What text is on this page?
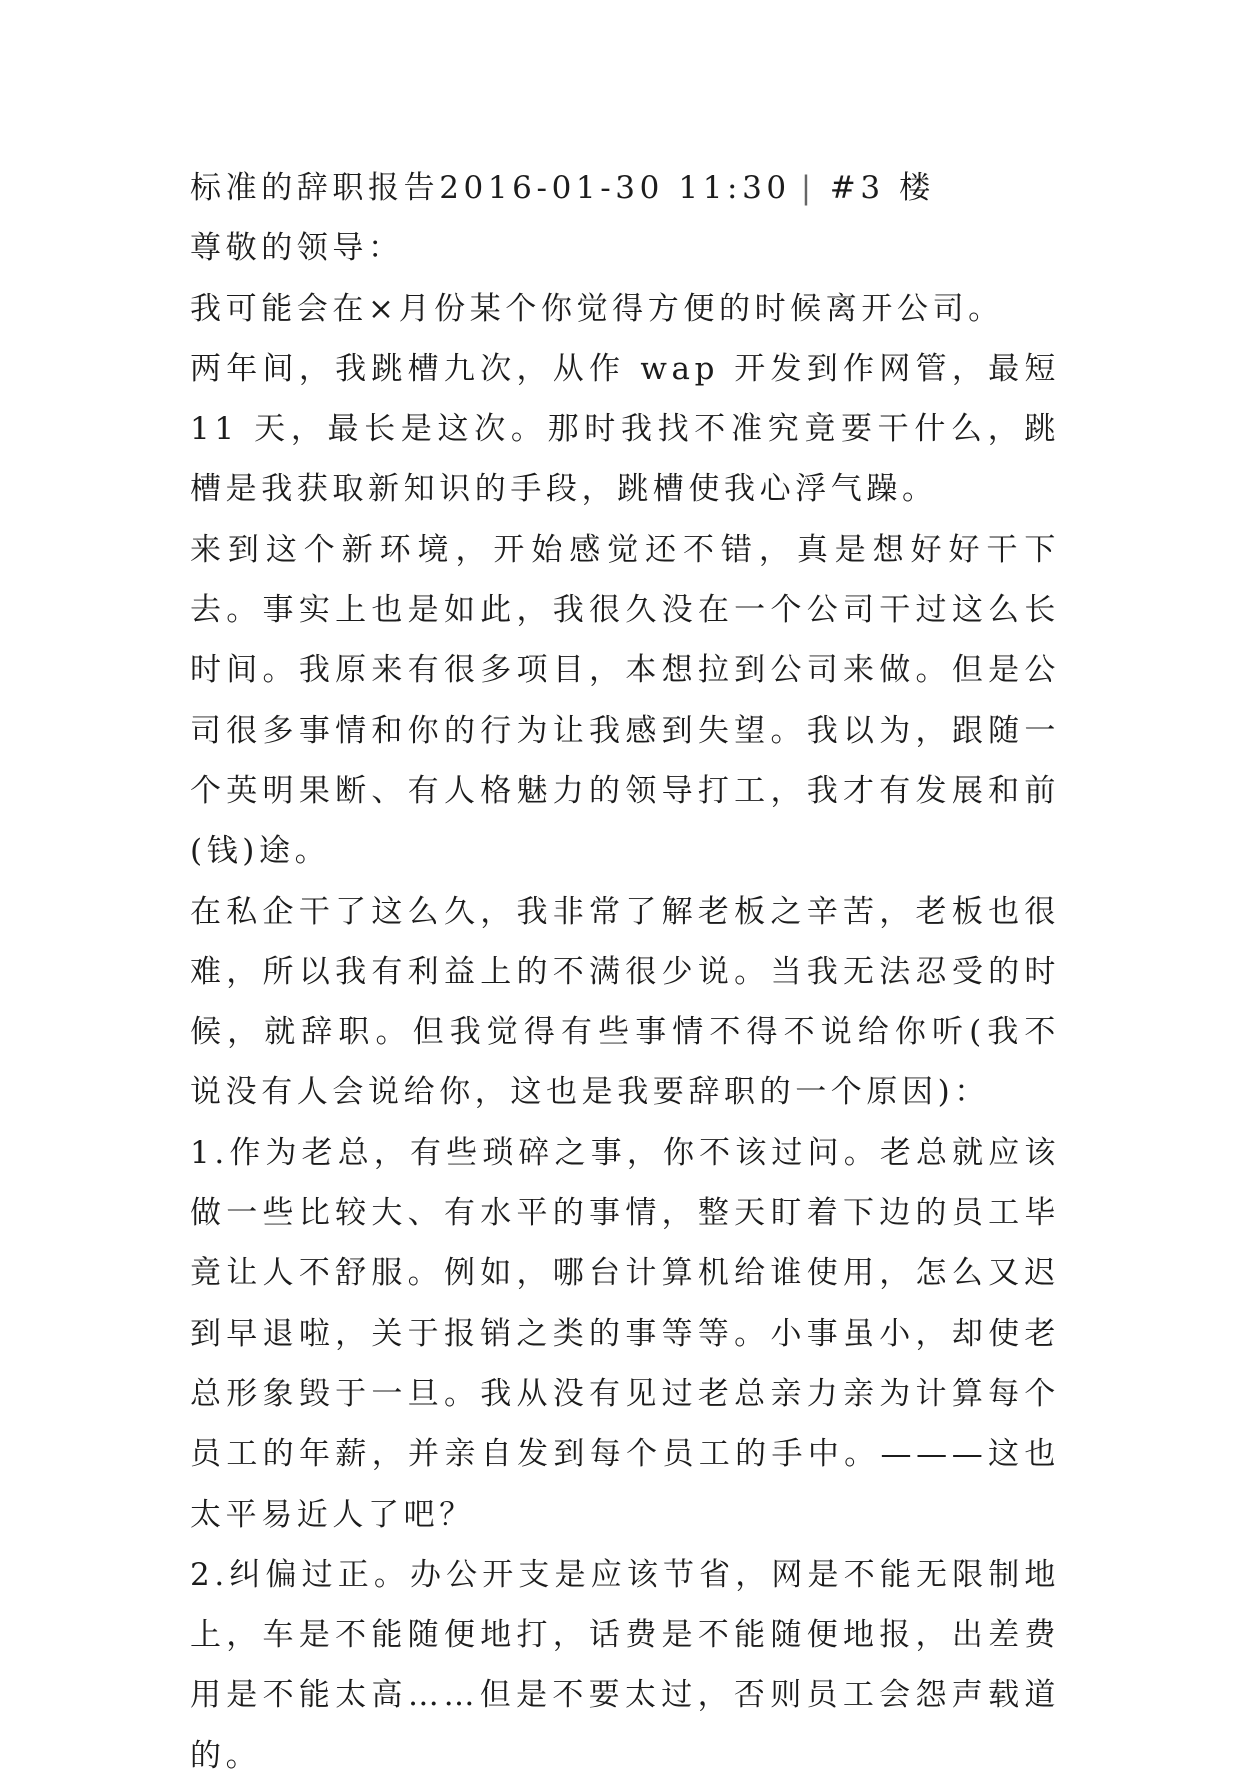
标准的辞职报告2016-01-30 11:30 | #3 楼

尊敬的领导：

我可能会在×月份某个你觉得方便的时候离开公司。

两年间，我跳槽九次，从作 wap 开发到作网管，最短 11 天，最长是这次。那时我找不准究竟要干什么，跳槽是我获取新知识的手段，跳槽使我心浮气躁。

来到这个新环境，开始感觉还不错，真是想好好干下去。事实上也是如此，我很久没在一个公司干过这么长时间。我原来有很多项目，本想拉到公司来做。但是公司很多事情和你的行为让我感到失望。我以为，跟随一个英明果断、有人格魅力的领导打工，我才有发展和前(钱)途。

在私企干了这么久，我非常了解老板之辛苦，老板也很难，所以我有利益上的不满很少说。当我无法忍受的时候，就辞职。但我觉得有些事情不得不说给你听(我不说没有人会说给你，这也是我要辞职的一个原因)：

1.作为老总，有些琐碎之事，你不该过问。老总就应该做一些比较大、有水平的事情，整天盯着下边的员工毕竟让人不舒服。例如，哪台计算机给谁使用，怎么又迟到早退啦，关于报销之类的事等等。小事虽小，却使老总形象毁于一旦。我从没有见过老总亲力亲为计算每个员工的年薪，并亲自发到每个员工的手中。———这也太平易近人了吧？

2.纠偏过正。办公开支是应该节省，网是不能无限制地上，车是不能随便地打，话费是不能随便地报，出差费用是不能太高……但是不要太过，否则员工会怨声载道的。
